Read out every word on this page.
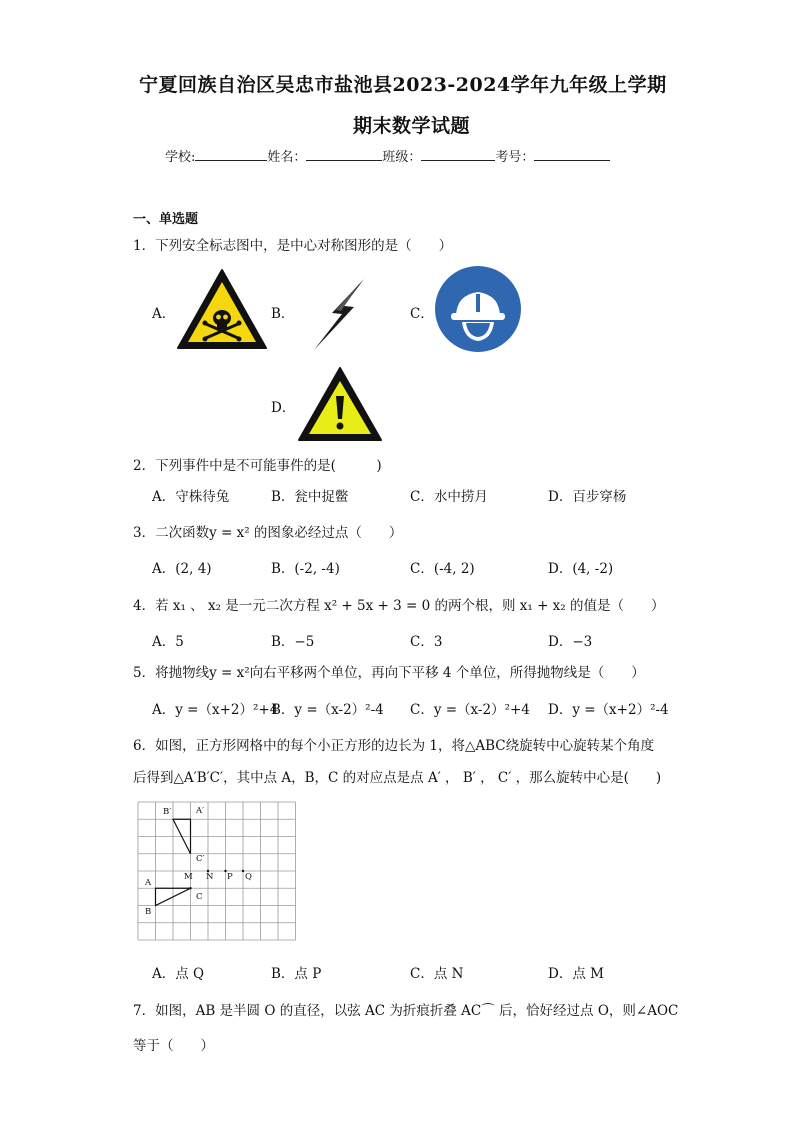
宁夏回族自治区吴忠市盐池县2023-2024学年九年级上学期
期末数学试题
学校:	姓名：	班级：	考号：
一、单选题
1．下列安全标志图中，是中心对称图形的是（　　）
A．	B．	C．
D．
2．下列事件中是不可能事件的是(　　　)
A．守株待兔	B．瓮中捉鳖	C．水中捞月	D．百步穿杨
3．二次函数y = x² 的图象必经过点（　　）
A．(2, 4)	B．(-2, -4)	C．(-4, 2)	D．(4, -2)
4．若 x₁ 、 x₂ 是一元二次方程 x² + 5x + 3 = 0 的两个根，则 x₁ + x₂ 的值是（　　）
A．5	B．−5	C．3	D．−3
5．将抛物线y = x²向右平移两个单位，再向下平移 4 个单位，所得抛物线是（　　）
A．y =（x+2）²+4
B．y =（x-2）²-4 C．y =（x-2）²+4 D．y =（x+2）²-4
6．如图，正方形网格中的每个小正方形的边长为 1，将△ABC绕旋转中心旋转某个角度
后得到△A′B′C′，其中点 A，B，C 的对应点是点 A′ ， B′ ， C′ ，那么旋转中心是(　　)
B′	A′
C′
A
B
C
M N P Q
A．点 Q	B．点 P	C．点 N	D．点 M
7．如图，AB 是半圆 O 的直径，以弦 AC 为折痕折叠 AC⌒ 后，恰好经过点 O，则∠AOC
等于（　　）
